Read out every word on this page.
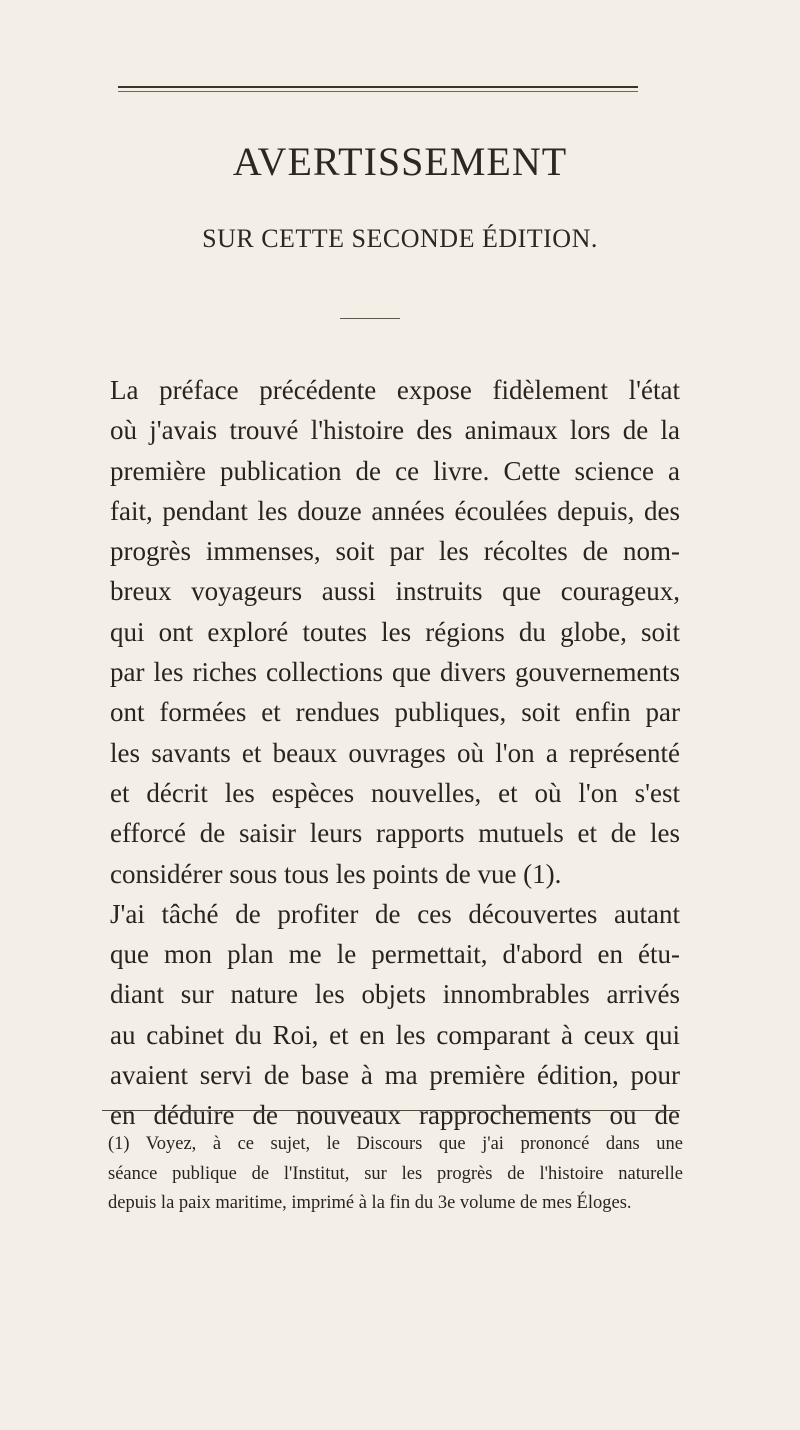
AVERTISSEMENT
SUR CETTE SECONDE ÉDITION.
La préface précédente expose fidèlement l'état
où j'avais trouvé l'histoire des animaux lors de la
première publication de ce livre. Cette science a
fait, pendant les douze années écoulées depuis, des
progrès immenses, soit par les récoltes de nom-
breux voyageurs aussi instruits que courageux,
qui ont exploré toutes les régions du globe, soit
par les riches collections que divers gouvernements
ont formées et rendues publiques, soit enfin par
les savants et beaux ouvrages où l'on a représenté
et décrit les espèces nouvelles, et où l'on s'est
efforcé de saisir leurs rapports mutuels et de les
considérer sous tous les points de vue (1).
J'ai tâché de profiter de ces découvertes autant
que mon plan me le permettait, d'abord en étu-
diant sur nature les objets innombrables arrivés
au cabinet du Roi, et en les comparant à ceux qui
avaient servi de base à ma première édition, pour
en déduire de nouveaux rapprochements ou de
(1) Voyez, à ce sujet, le Discours que j'ai prononcé dans une
séance publique de l'Institut, sur les progrès de l'histoire naturelle
depuis la paix maritime, imprimé à la fin du 3e volume de mes Éloges.
